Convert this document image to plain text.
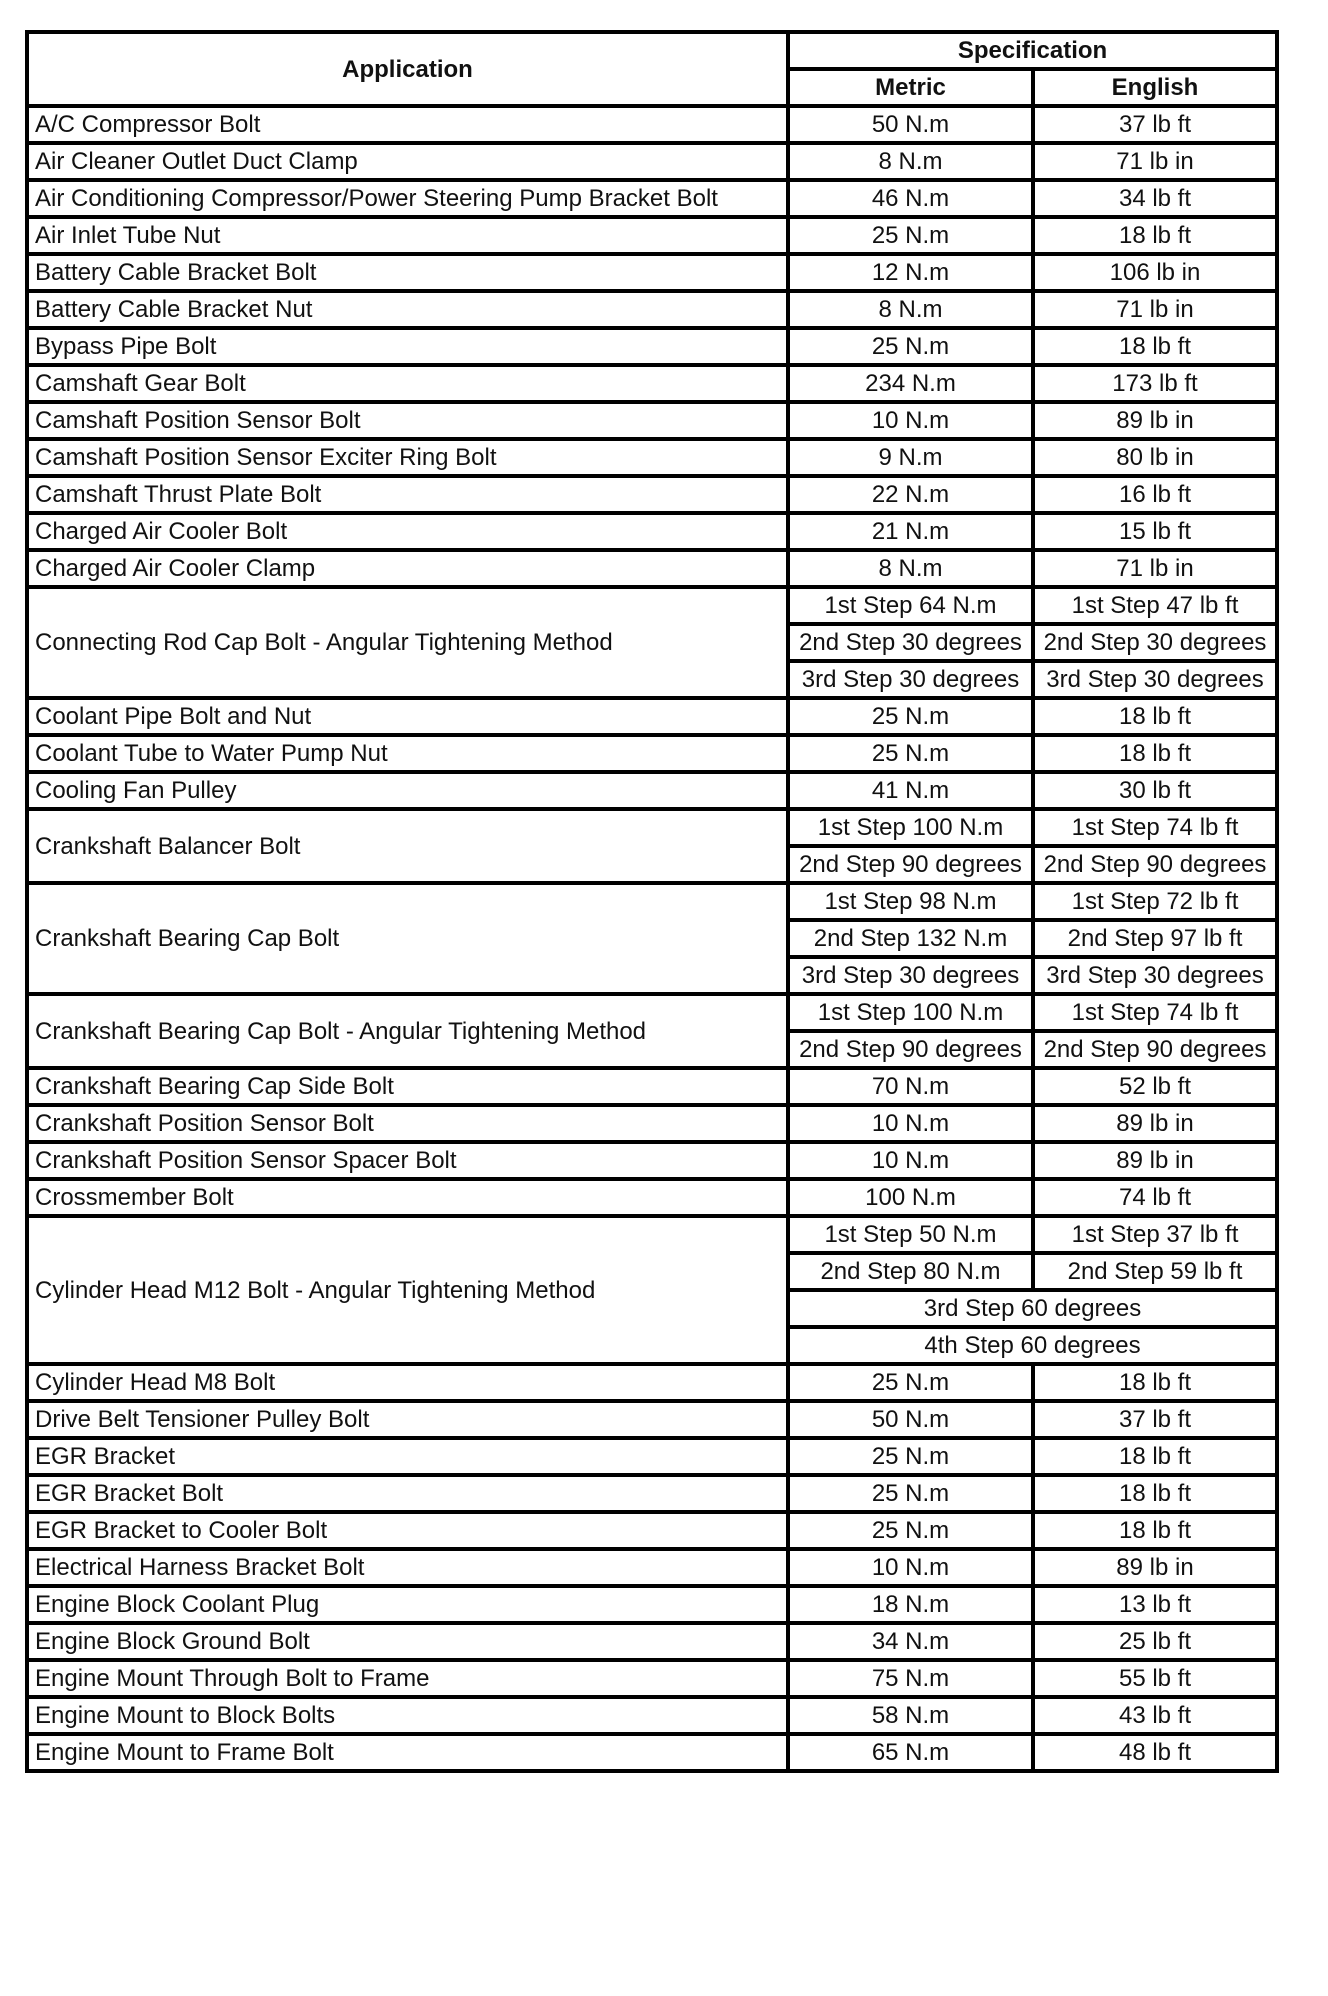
Application	Specification	
	Metric	English
A/C Compressor Bolt	50 N.m	37 lb ft
Air Cleaner Outlet Duct Clamp	8 N.m	71 lb in
Air Conditioning Compressor/Power Steering Pump Bracket Bolt	46 N.m	34 lb ft
Air Inlet Tube Nut	25 N.m	18 lb ft
Battery Cable Bracket Bolt	12 N.m	106 lb in
Battery Cable Bracket Nut	8 N.m	71 lb in
Bypass Pipe Bolt	25 N.m	18 lb ft
Camshaft Gear Bolt	234 N.m	173 lb ft
Camshaft Position Sensor Bolt	10 N.m	89 lb in
Camshaft Position Sensor Exciter Ring Bolt	9 N.m	80 lb in
Camshaft Thrust Plate Bolt	22 N.m	16 lb ft
Charged Air Cooler Bolt	21 N.m	15 lb ft
Charged Air Cooler Clamp	8 N.m	71 lb in
Connecting Rod Cap Bolt - Angular Tightening Method	1st Step 64 N.m	1st Step 47 lb ft
	2nd Step 30 degrees	2nd Step 30 degrees
	3rd Step 30 degrees	3rd Step 30 degrees
Coolant Pipe Bolt and Nut	25 N.m	18 lb ft
Coolant Tube to Water Pump Nut	25 N.m	18 lb ft
Cooling Fan Pulley	41 N.m	30 lb ft
Crankshaft Balancer Bolt	1st Step 100 N.m	1st Step 74 lb ft
	2nd Step 90 degrees	2nd Step 90 degrees
Crankshaft Bearing Cap Bolt	1st Step 98 N.m	1st Step 72 lb ft
	2nd Step 132 N.m	2nd Step 97 lb ft
	3rd Step 30 degrees	3rd Step 30 degrees
Crankshaft Bearing Cap Bolt - Angular Tightening Method	1st Step 100 N.m	1st Step 74 lb ft
	2nd Step 90 degrees	2nd Step 90 degrees
Crankshaft Bearing Cap Side Bolt	70 N.m	52 lb ft
Crankshaft Position Sensor Bolt	10 N.m	89 lb in
Crankshaft Position Sensor Spacer Bolt	10 N.m	89 lb in
Crossmember Bolt	100 N.m	74 lb ft
Cylinder Head M12 Bolt - Angular Tightening Method	1st Step 50 N.m	1st Step 37 lb ft
	2nd Step 80 N.m	2nd Step 59 lb ft
	3rd Step 60 degrees	
	4th Step 60 degrees	
Cylinder Head M8 Bolt	25 N.m	18 lb ft
Drive Belt Tensioner Pulley Bolt	50 N.m	37 lb ft
EGR Bracket	25 N.m	18 lb ft
EGR Bracket Bolt	25 N.m	18 lb ft
EGR Bracket to Cooler Bolt	25 N.m	18 lb ft
Electrical Harness Bracket Bolt	10 N.m	89 lb in
Engine Block Coolant Plug	18 N.m	13 lb ft
Engine Block Ground Bolt	34 N.m	25 lb ft
Engine Mount Through Bolt to Frame	75 N.m	55 lb ft
Engine Mount to Block Bolts	58 N.m	43 lb ft
Engine Mount to Frame Bolt	65 N.m	48 lb ft
